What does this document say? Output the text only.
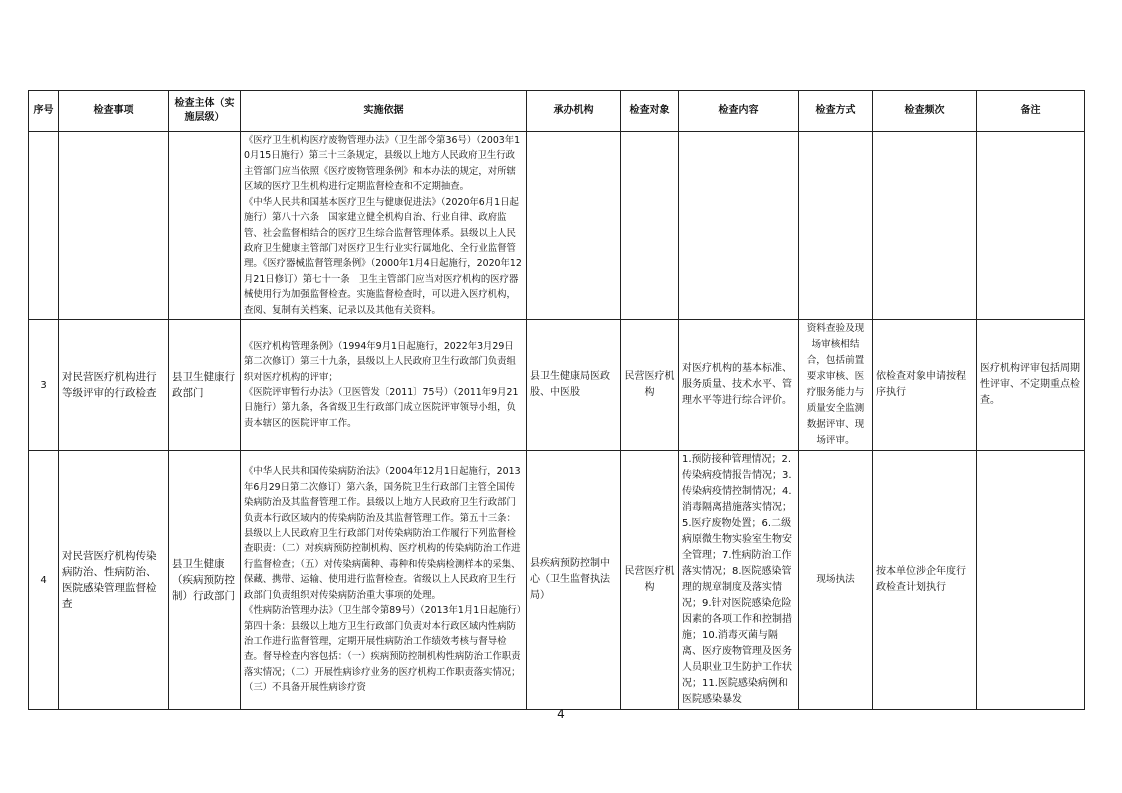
序号	检查事项	检查主体（实施层级）	实施依据	承办机构	检查对象	检查内容	检查方式	检查频次	备注

			《医疗卫生机构医疗废物管理办法》（卫生部令第36号）（2003年10月15日施行）第三十三条规定，县级以上地方人民政府卫生行政主管部门应当依照《医疗废物管理条例》和本办法的规定，对所辖区域的医疗卫生机构进行定期监督检查和不定期抽查。
《中华人民共和国基本医疗卫生与健康促进法》（2020年6月1日起施行）第八十六条　国家建立健全机构自治、行业自律、政府监管、社会监督相结合的医疗卫生综合监督管理体系。县级以上人民政府卫生健康主管部门对医疗卫生行业实行属地化、全行业监督管理。《医疗器械监督管理条例》（2000年1月4日起施行，2020年12月21日修订）第七十一条　卫生主管部门应当对医疗机构的医疗器械使用行为加强监督检查。实施监督检查时，可以进入医疗机构，查阅、复制有关档案、记录以及其他有关资料。						

3	对民营医疗机构进行等级评审的行政检查	县卫生健康行政部门	《医疗机构管理条例》（1994年9月1日起施行，2022年3月29日第二次修订）第三十九条，县级以上人民政府卫生行政部门负责组织对医疗机构的评审；
《医院评审暂行办法》（卫医管发〔2011〕75号）（2011年9月21日施行）第九条，各省级卫生行政部门成立医院评审领导小组，负责本辖区的医院评审工作。	县卫生健康局医政股、中医股	民营医疗机构	对医疗机构的基本标准、服务质量、技术水平、管理水平等进行综合评价。	资料查验及现场审核相结合，包括前置要求审核、医疗服务能力与质量安全监测数据评审、现场评审。	依检查对象申请按程序执行	医疗机构评审包括周期性评审、不定期重点检查。
4	对民营医疗机构传染病防治、性病防治、医院感染管理监督检查	县卫生健康（疾病预防控制）行政部门	《中华人民共和国传染病防治法》（2004年12月1日起施行，2013年6月29日第二次修订）第六条，国务院卫生行政部门主管全国传染病防治及其监督管理工作。县级以上地方人民政府卫生行政部门负责本行政区域内的传染病防治及其监督管理工作。第五十三条：县级以上人民政府卫生行政部门对传染病防治工作履行下列监督检查职责：（二）对疾病预防控制机构、医疗机构的传染病防治工作进行监督检查；（五）对传染病菌种、毒种和传染病检测样本的采集、保藏、携带、运输、使用进行监督检查。省级以上人民政府卫生行政部门负责组织对传染病防治重大事项的处理。
《性病防治管理办法》（卫生部令第89号）（2013年1月1日起施行）第四十条：县级以上地方卫生行政部门负责对本行政区域内性病防治工作进行监督管理，定期开展性病防治工作绩效考核与督导检查。督导检查内容包括：（一）疾病预防控制机构性病防治工作职责落实情况；（二）开展性病诊疗业务的医疗机构工作职责落实情况；（三）不具备开展性病诊疗资	县疾病预防控制中心（卫生监督执法局）	民营医疗机构	1.预防接种管理情况；2.传染病疫情报告情况；3.传染病疫情控制情况；4.消毒隔离措施落实情况；5.医疗废物处置；6.二级病原微生物实验室生物安全管理；7.性病防治工作落实情况；8.医院感染管理的规章制度及落实情况；9.针对医院感染危险因素的各项工作和控制措施；10.消毒灭菌与隔离、医疗废物管理及医务人员职业卫生防护工作状况；11.医院感染病例和医院感染暴发	现场执法	按本单位涉企年度行政检查计划执行	
4
